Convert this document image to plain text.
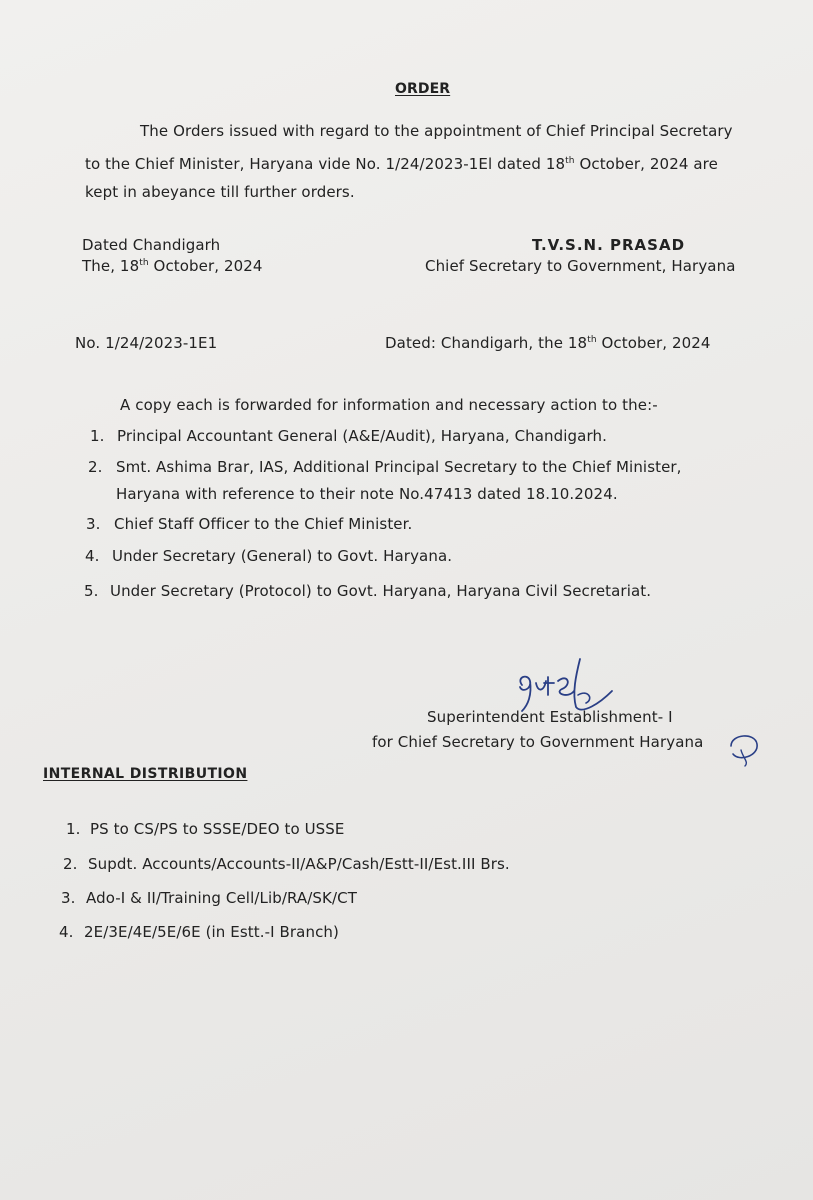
ORDER
The Orders issued with regard to the appointment of Chief Principal Secretary
to the Chief Minister, Haryana vide No. 1/24/2023-1El dated 18th October, 2024 are
kept in abeyance till further orders.
Dated Chandigarh
The, 18th October, 2024
T.V.S.N. PRASAD
Chief Secretary to Government, Haryana
No. 1/24/2023-1E1	Dated: Chandigarh, the 18th October, 2024
A copy each is forwarded for information and necessary action to the:-
1. Principal Accountant General (A&E/Audit), Haryana, Chandigarh.
2. Smt. Ashima Brar, IAS, Additional Principal Secretary to the Chief Minister,
Haryana with reference to their note No.47413 dated 18.10.2024.
3. Chief Staff Officer to the Chief Minister.
4. Under Secretary (General) to Govt. Haryana.
5. Under Secretary (Protocol) to Govt. Haryana, Haryana Civil Secretariat.
Superintendent Establishment- I
for Chief Secretary to Government Haryana
INTERNAL DISTRIBUTION
1. PS to CS/PS to SSSE/DEO to USSE
2. Supdt. Accounts/Accounts-II/A&P/Cash/Estt-II/Est.III Brs.
3. Ado-I & II/Training Cell/Lib/RA/SK/CT
4. 2E/3E/4E/5E/6E (in Estt.-I Branch)
